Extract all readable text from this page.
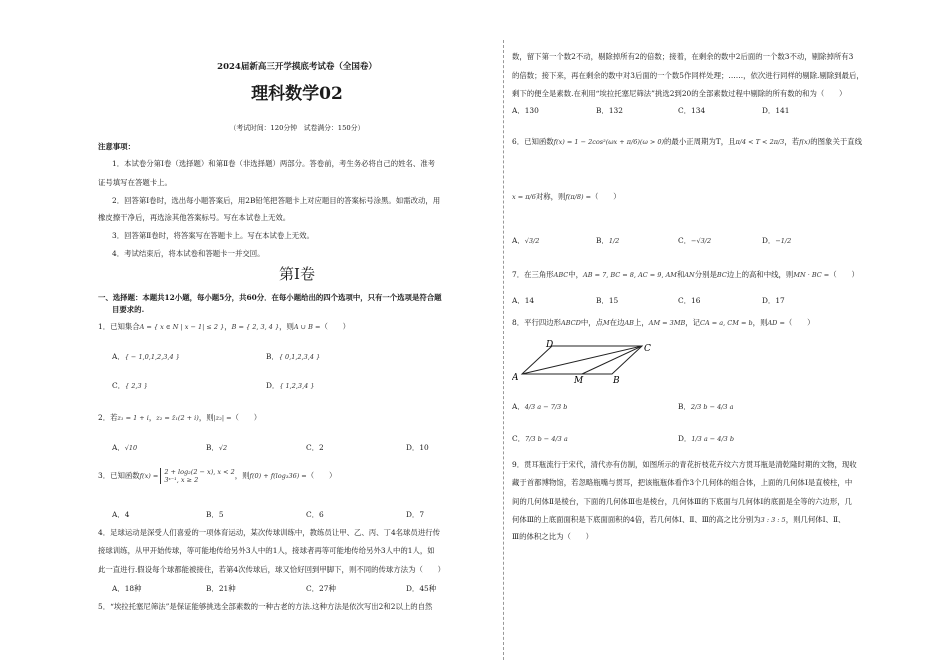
2024届新高三开学摸底考试卷（全国卷）
理科数学02
（考试时间：120分钟　试卷满分：150分）
注意事项：
1．本试卷分第Ⅰ卷（选择题）和第Ⅱ卷（非选择题）两部分。答卷前，考生务必将自己的姓名、准考
证号填写在答题卡上。
2．回答第Ⅰ卷时，选出每小题答案后，用2B铅笔把答题卡上对应题目的答案标号涂黑。如需改动，用
橡皮擦干净后，再选涂其他答案标号。写在本试卷上无效。
3．回答第Ⅱ卷时，将答案写在答题卡上。写在本试卷上无效。
4．考试结束后，将本试卷和答题卡一并交回。
第Ⅰ卷
一、选择题：本题共12小题，每小题5分，共60分．在每小题给出的四个选项中，只有一个选项是符合题
目要求的.
1．已知集合A = { x ∈ N | x − 1| ≤ 2 }，B = { 2, 3, 4 }，则A ∪ B =（　　）
A．{ − 1,0,1,2,3,4 }	B．{ 0,1,2,3,4 }
C．{ 2,3 }	D．{ 1,2,3,4 }
2．若z₁ = 1 + i，z₂ = z̄₁(2 + i)，则|z₂| =（　　）
A．√10	B．√2	C．2	D．10
3．已知函数f(x) = 2 + log₂(2 − x), x < 2
3ˣ⁻¹, x ≥ 2	，则f(0) + f(log₃36) =（　　）
A．4	B．5	C．6	D．7
4．足球运动是深受人们喜爱的一项体育运动，某次传球训练中，教练员让甲、乙、丙、丁4名球员进行传
接球训练，从甲开始传球，等可能地传给另外3人中的1人，接球者再等可能地传给另外3人中的1人，如
此一直进行.假设每个球都能被接住，若第4次传球后，球又恰好回到甲脚下，则不同的传球方法为（　　）
A．18种	B．21种	C．27种	D．45种
5．“埃拉托塞尼筛法”是保证能够挑选全部素数的一种古老的方法.这种方法是依次写出2和2以上的自然
数，留下第一个数2不动，剔除掉所有2的倍数；接着，在剩余的数中2后面的一个数3不动，剔除掉所有3
的倍数；接下来，再在剩余的数中对3后面的一个数5作同样处理；……，依次进行同样的剔除.剔除到最后，
剩下的便全是素数.在利用“埃拉托塞尼筛法”挑选2到20的全部素数过程中剔除的所有数的和为（　　）
A．130	B．132	C．134	D．141
6．已知函数f(x) = 1 − 2cos²(ωx + π/6)(ω > 0)的最小正周期为T，且π/4 < T < 2π/3，若f(x)的图象关于直线
x = π/6对称，则f(π/8) =（　　）
A．√3/2	B．1/2	C．−√3/2	D．−1/2
7．在三角形ABC中，AB = 7, BC = 8, AC = 9, AM和AN分别是BC边上的高和中线，则MN · BC =（　　）
A．14	B．15	C．16	D．17
8．平行四边形ABCD中，点M在边AB上，AM = 3MB，记CA = a, CM = b，则AD =（　　）
A	B
C
D
M
A．4/3 a − 7/3 b	B．2/3 b − 4/3 a
C．7/3 b − 4/3 a	D．1/3 a − 4/3 b
9．贯耳瓶流行于宋代，清代亦有仿制，如图所示的青花折枝花卉纹六方贯耳瓶是清乾隆时期的文物，现收
藏于首都博物馆，若忽略瓶嘴与贯耳，把该瓶瓶体看作3个几何体的组合体，上面的几何体Ⅰ是直棱柱，中
间的几何体Ⅱ是棱台，下面的几何体Ⅲ也是棱台，几何体Ⅲ的下底面与几何体Ⅰ的底面是全等的六边形，几
何体Ⅲ的上底面面积是下底面面积的4倍，若几何体Ⅰ、Ⅱ、Ⅲ的高之比分别为3 : 3 : 5，则几何体Ⅰ、Ⅱ、
Ⅲ的体积之比为（　　）
